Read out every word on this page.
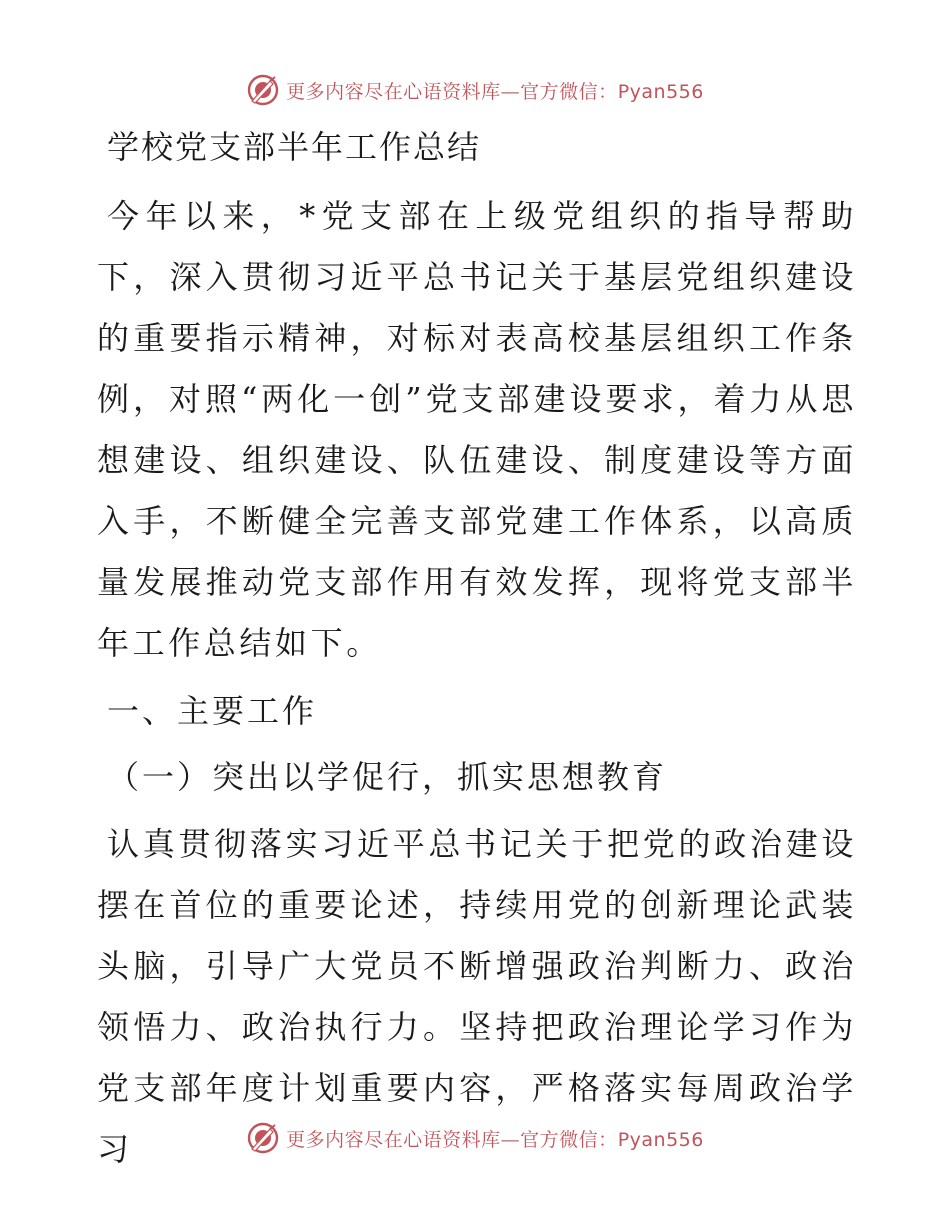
更多内容尽在心语资料库—官方微信：Pyan556
学校党支部半年工作总结

今年以来，*党支部在上级党组织的指导帮助下，深入贯彻习近平总书记关于基层党组织建设的重要指示精神，对标对表高校基层组织工作条例，对照“两化一创”党支部建设要求，着力从思想建设、组织建设、队伍建设、制度建设等方面入手，不断健全完善支部党建工作体系，以高质量发展推动党支部作用有效发挥，现将党支部半年工作总结如下。

一、主要工作
（一）突出以学促行，抓实思想教育

认真贯彻落实习近平总书记关于把党的政治建设摆在首位的重要论述，持续用党的创新理论武装头脑，引导广大党员不断增强政治判断力、政治领悟力、政治执行力。坚持把政治理论学习作为党支部年度计划重要内容，严格落实每周政治学习	更多内容尽在心语资料库—官方微信：Pyan556
